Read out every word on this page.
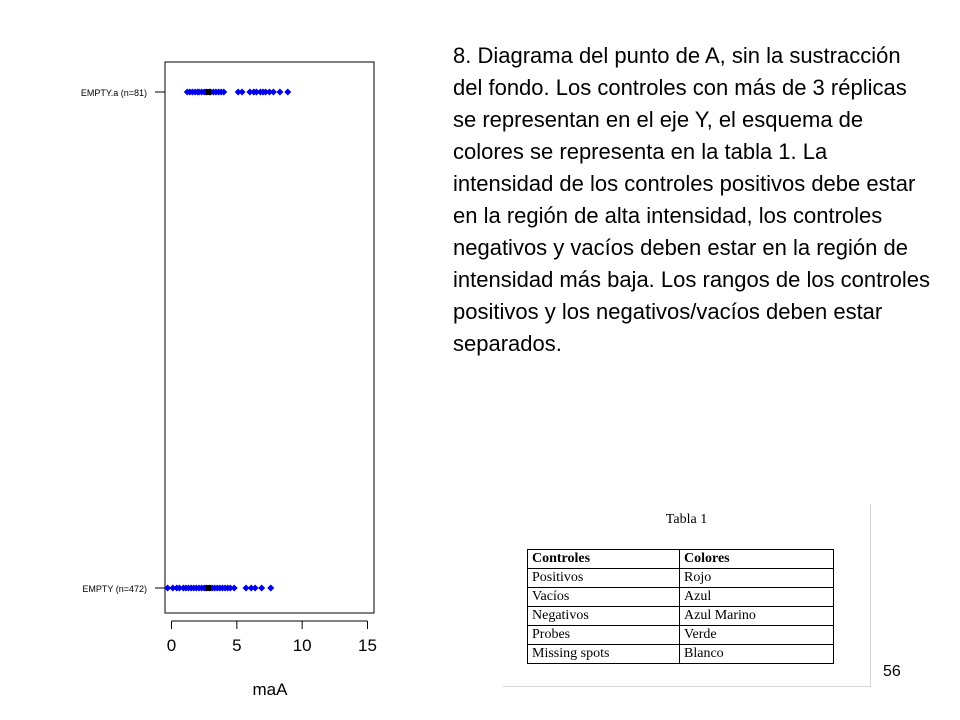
0	5	10	15
maA
EMPTY.a (n=81)
EMPTY (n=472)

8. Diagrama del punto de A, sin la sustracción del fondo. Los controles con más de 3 réplicas se representan en el eje Y, el esquema de colores se representa en la tabla 1. La intensidad de los controles positivos debe estar en la región de alta intensidad, los controles negativos y vacíos deben estar en la región de intensidad más baja. Los rangos de los controles positivos y los negativos/vacíos deben estar separados.

Tabla 1
Controles	Colores
Positivos	Rojo
Vacíos	Azul
Negativos	Azul Marino
Probes	Verde
Missing spots	Blanco
56
